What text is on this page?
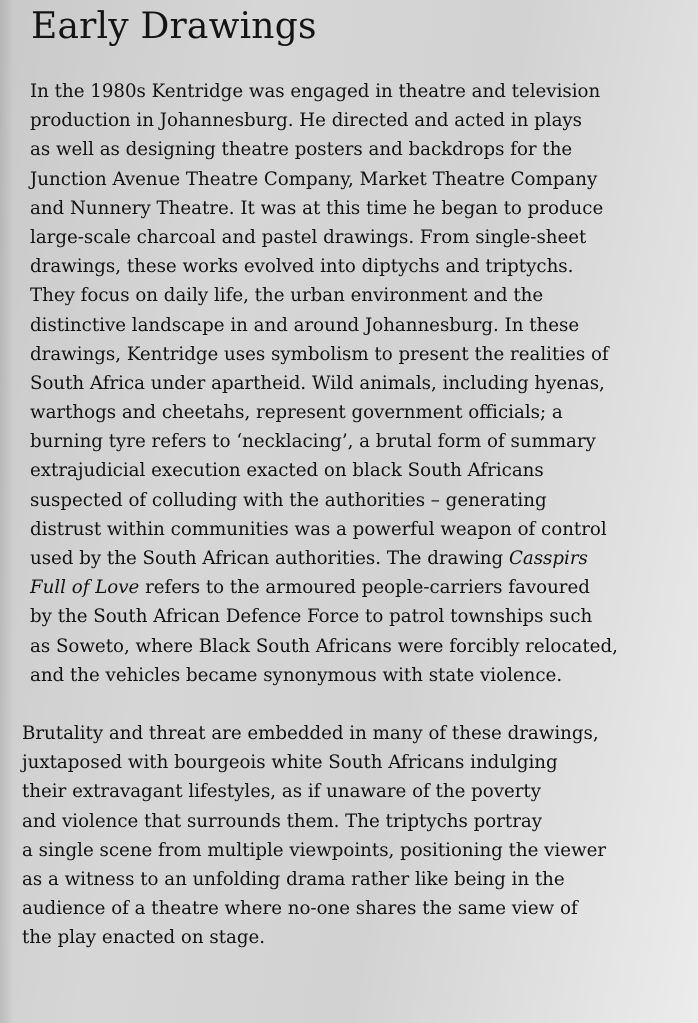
Early Drawings
In the 1980s Kentridge was engaged in theatre and television
production in Johannesburg. He directed and acted in plays
as well as designing theatre posters and backdrops for the
Junction Avenue Theatre Company, Market Theatre Company
and Nunnery Theatre. It was at this time he began to produce
large-scale charcoal and pastel drawings. From single-sheet
drawings, these works evolved into diptychs and triptychs.
They focus on daily life, the urban environment and the
distinctive landscape in and around Johannesburg. In these
drawings, Kentridge uses symbolism to present the realities of
South Africa under apartheid. Wild animals, including hyenas,
warthogs and cheetahs, represent government officials; a
burning tyre refers to ‘necklacing’, a brutal form of summary
extrajudicial execution exacted on black South Africans
suspected of colluding with the authorities – generating
distrust within communities was a powerful weapon of control
used by the South African authorities. The drawing Casspirs
Full of Love refers to the armoured people-carriers favoured
by the South African Defence Force to patrol townships such
as Soweto, where Black South Africans were forcibly relocated,
and the vehicles became synonymous with state violence.
Brutality and threat are embedded in many of these drawings,
juxtaposed with bourgeois white South Africans indulging
their extravagant lifestyles, as if unaware of the poverty
and violence that surrounds them. The triptychs portray
a single scene from multiple viewpoints, positioning the viewer
as a witness to an unfolding drama rather like being in the
audience of a theatre where no-one shares the same view of
the play enacted on stage.
